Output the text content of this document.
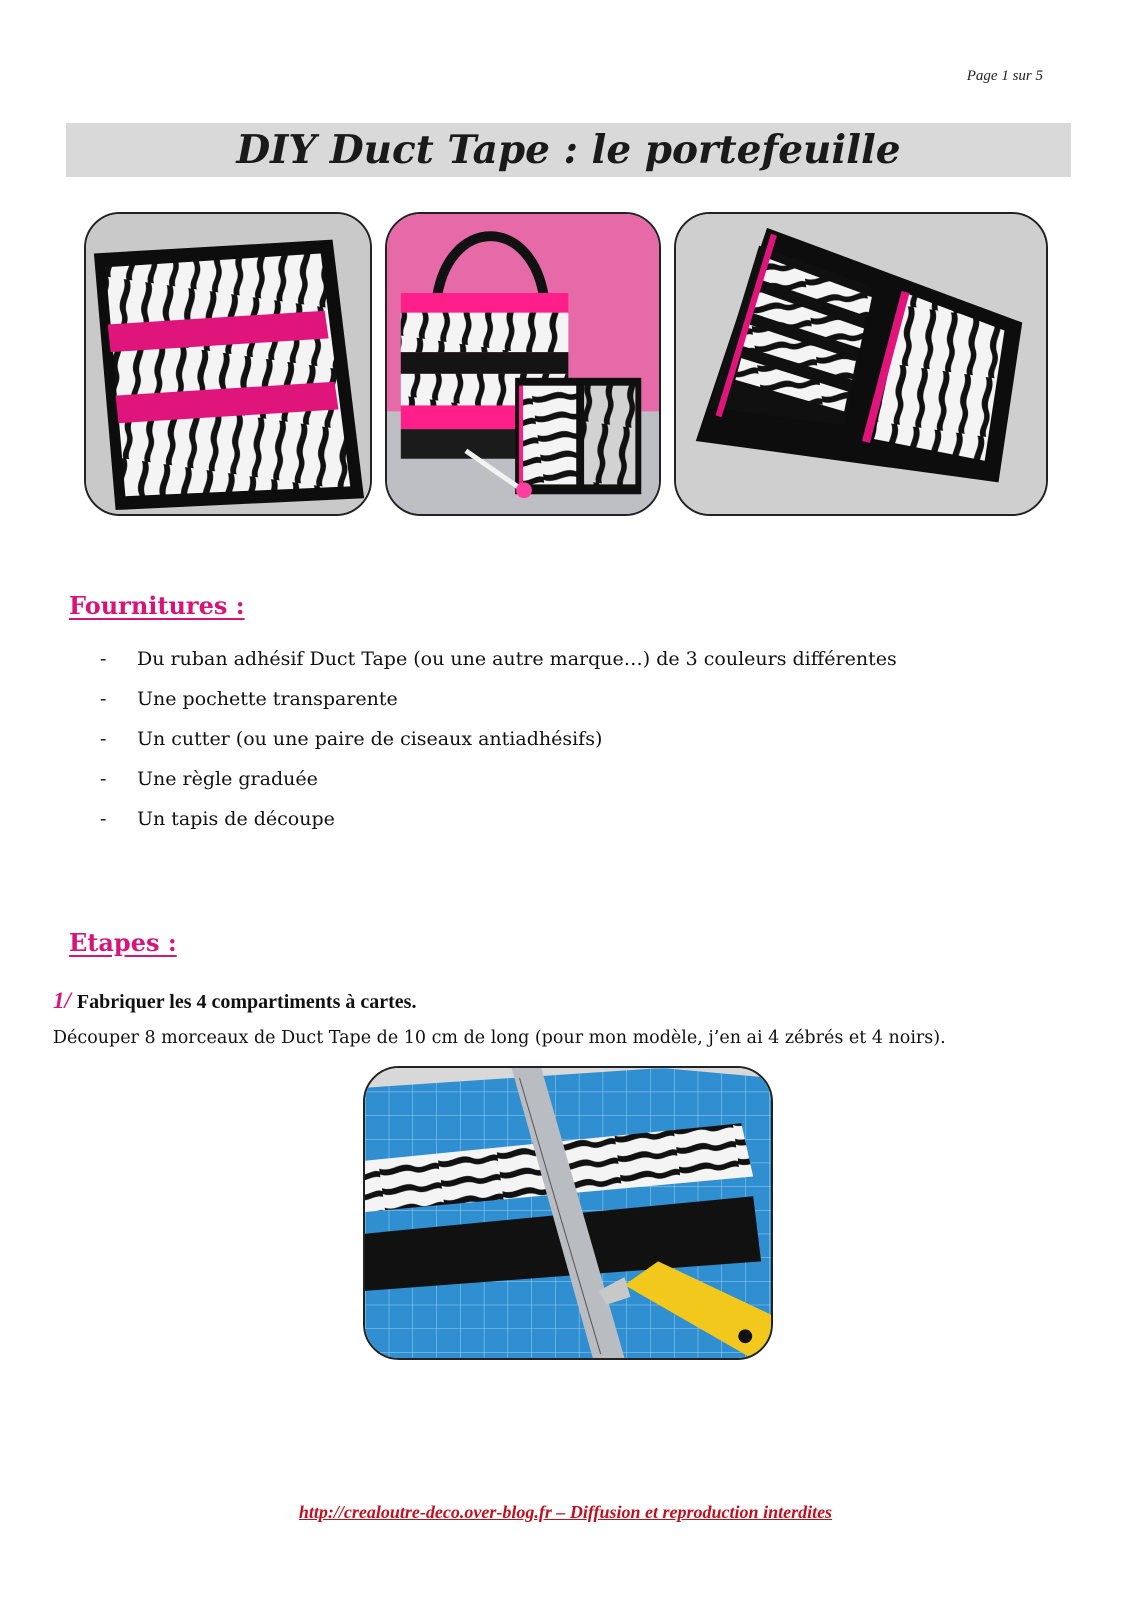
Page 1 sur 5
DIY Duct Tape : le portefeuille
Fournitures :
-	Du ruban adhésif Duct Tape (ou une autre marque…) de 3 couleurs différentes
-	Une pochette transparente
-	Un cutter (ou une paire de ciseaux antiadhésifs)
-	Une règle graduée
-	Un tapis de découpe
Etapes :
1/ Fabriquer les 4 compartiments à cartes.
Découper 8 morceaux de Duct Tape de 10 cm de long (pour mon modèle, j’en ai 4 zébrés et 4 noirs).
http://crealoutre-deco.over-blog.fr – Diffusion et reproduction interdites
